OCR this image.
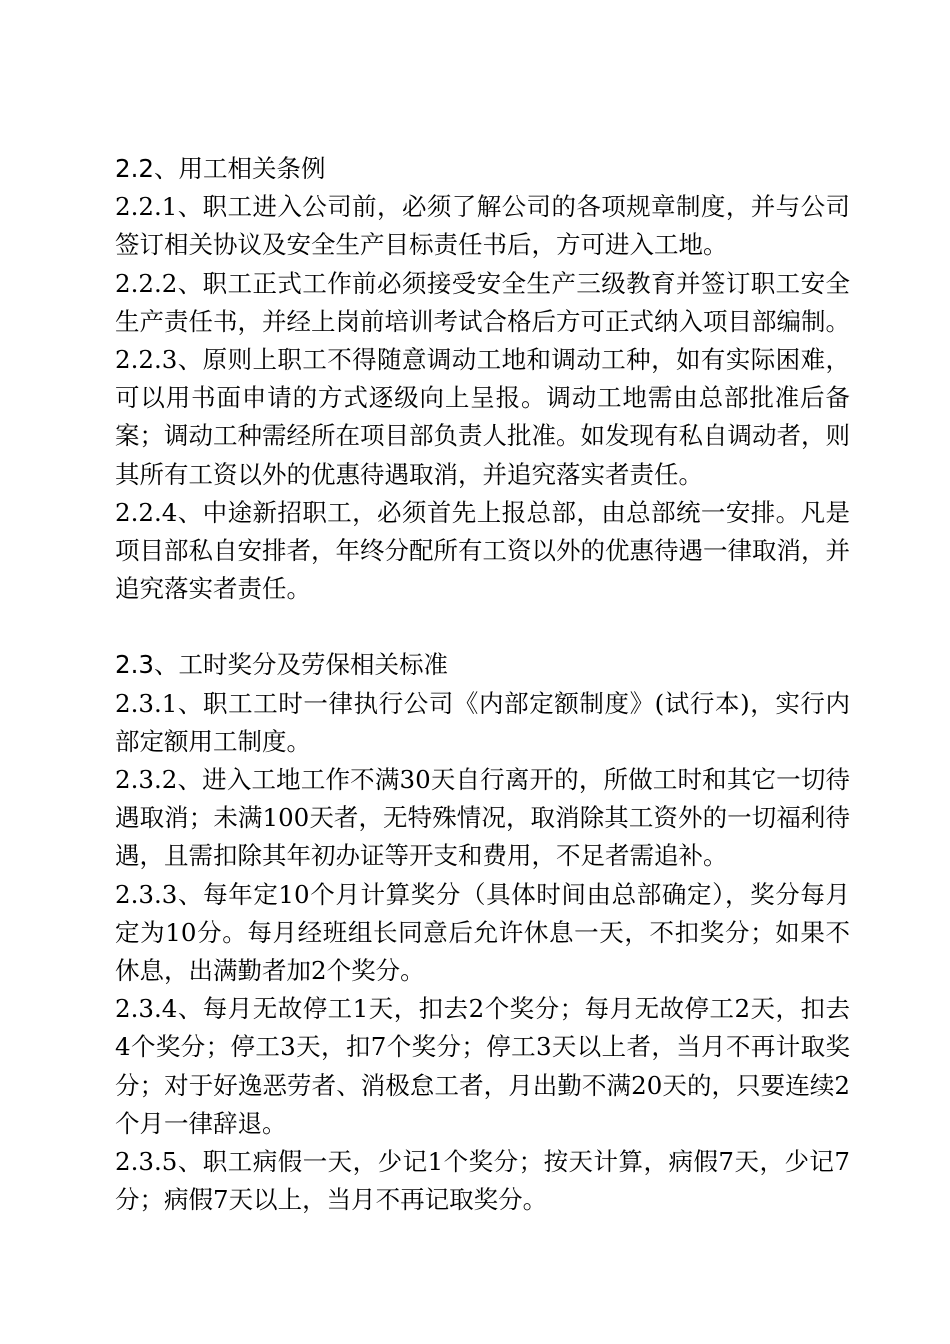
2.2、用工相关条例

2.2.1、职工进入公司前，必须了解公司的各项规章制度，并与公司签订相关协议及安全生产目标责任书后，方可进入工地。

2.2.2、职工正式工作前必须接受安全生产三级教育并签订职工安全生产责任书，并经上岗前培训考试合格后方可正式纳入项目部编制。

2.2.3、原则上职工不得随意调动工地和调动工种，如有实际困难，可以用书面申请的方式逐级向上呈报。调动工地需由总部批准后备案；调动工种需经所在项目部负责人批准。如发现有私自调动者，则其所有工资以外的优惠待遇取消，并追究落实者责任。

2.2.4、中途新招职工，必须首先上报总部，由总部统一安排。凡是项目部私自安排者，年终分配所有工资以外的优惠待遇一律取消，并追究落实者责任。

2.3、工时奖分及劳保相关标准

2.3.1、职工工时一律执行公司《内部定额制度》(试行本)，实行内部定额用工制度。

2.3.2、进入工地工作不满30天自行离开的，所做工时和其它一切待遇取消；未满100天者，无特殊情况，取消除其工资外的一切福利待遇，且需扣除其年初办证等开支和费用，不足者需追补。

2.3.3、每年定10个月计算奖分（具体时间由总部确定），奖分每月定为10分。每月经班组长同意后允许休息一天，不扣奖分；如果不休息，出满勤者加2个奖分。

2.3.4、每月无故停工1天，扣去2个奖分；每月无故停工2天，扣去4个奖分；停工3天，扣7个奖分；停工3天以上者，当月不再计取奖分；对于好逸恶劳者、消极怠工者，月出勤不满20天的，只要连续2个月一律辞退。

2.3.5、职工病假一天，少记1个奖分；按天计算，病假7天，少记7分；病假7天以上，当月不再记取奖分。
